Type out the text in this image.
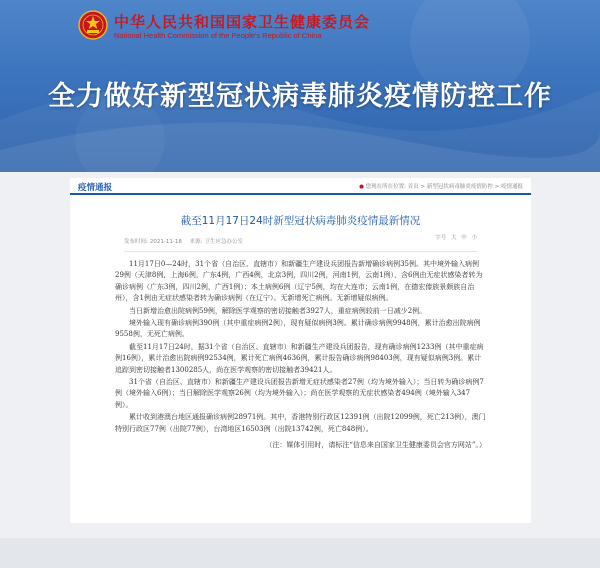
中华人民共和国国家卫生健康委员会
National Health Commission of the People's Republic of China
全力做好新型冠状病毒肺炎疫情防控工作
疫情通报	● 您现在所在位置: 首页 > 新型冠状病毒肺炎疫情防控 > 疫情通报
截至11月17日24时新型冠状病毒肺炎疫情最新情况
发布时间: 2021-11-18 来源: 卫生应急办公室
字号 大 中 小

11月17日0—24时，31个省（自治区、直辖市）和新疆生产建设兵团报告新增确诊病例35例。其中境外输入病例29例（天津8例，上海6例，广东4例，广西4例，北京3例，四川2例，河南1例，云南1例），含6例由无症状感染者转为确诊病例（广东3例，四川2例，广西1例）；本土病例6例（辽宁5例，均在大连市；云南1例，在德宏傣族景颇族自治州），含1例由无症状感染者转为确诊病例（在辽宁）。无新增死亡病例。无新增疑似病例。

当日新增治愈出院病例59例，解除医学观察的密切接触者3927人，重症病例较前一日减少2例。

境外输入现有确诊病例390例（其中重症病例2例），现有疑似病例3例。累计确诊病例9948例，累计治愈出院病例9558例，无死亡病例。

截至11月17日24时，据31个省（自治区、直辖市）和新疆生产建设兵团报告，现有确诊病例1233例（其中重症病例16例），累计治愈出院病例92534例，累计死亡病例4636例，累计报告确诊病例98403例，现有疑似病例3例。累计追踪到密切接触者1300285人，尚在医学观察的密切接触者39421人。

31个省（自治区、直辖市）和新疆生产建设兵团报告新增无症状感染者27例（均为境外输入）；当日转为确诊病例7例（境外输入6例）；当日解除医学观察26例（均为境外输入）；尚在医学观察的无症状感染者494例（境外输入347例）。

累计收到港澳台地区通报确诊病例28971例。其中，香港特别行政区12391例（出院12099例，死亡213例），澳门特别行政区77例（出院77例），台湾地区16503例（出院13742例，死亡848例）。

（注：媒体引用时，请标注“信息来自国家卫生健康委员会官方网站”。）
